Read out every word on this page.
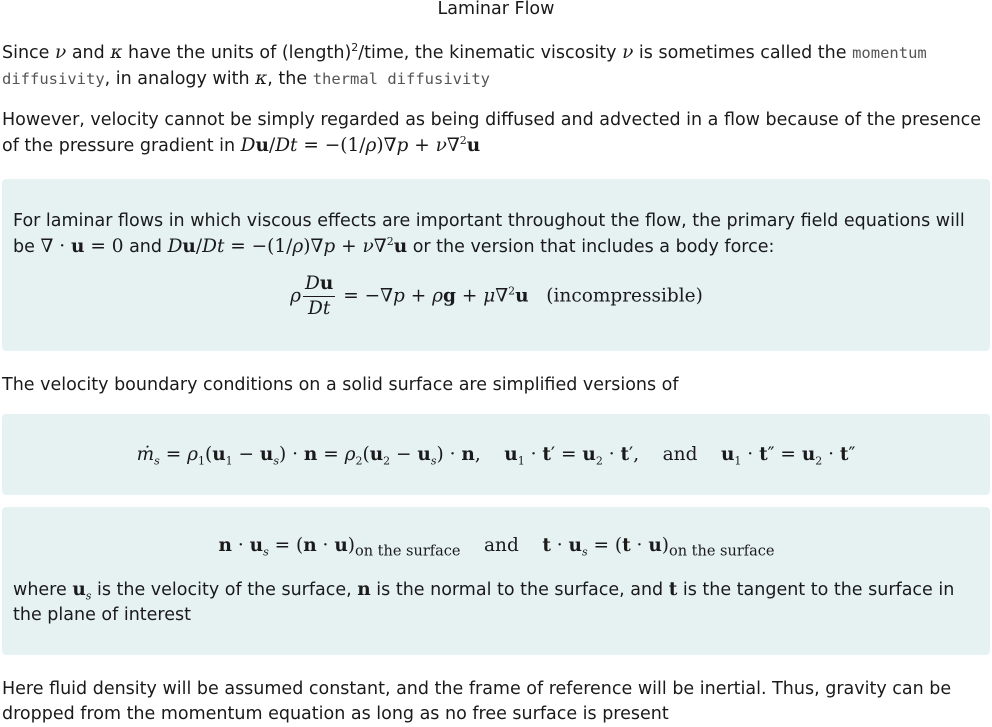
Laminar Flow

Since ν and κ have the units of (length)$^2$/time, the kinematic viscosity ν is sometimes called the momentum diffusivity, in analogy with κ, the thermal diffusivity

However, velocity cannot be simply regarded as being diffused and advected in a flow because of the presence of the pressure gradient in Du/Dt = −(1/ρ)∇p + ν∇$^2$u

For laminar flows in which viscous effects are important throughout the flow, the primary field equations will be ∇ · u = 0 and Du/Dt = −(1/ρ)∇p + ν∇$^2$u or the version that includes a body force:
ρ $\frac{Du}{Dt} = -\nabla p + \rho g + \mu\nabla^2u$ (incompressible)

The velocity boundary conditions on a solid surface are simplified versions of

ṁ$_s$ = $\rho_1(u_1 - u_s) \cdot n = \rho_2(u_2 - u_s) \cdot n$,    $u_1 \cdot t' = u_2 \cdot t'$,    and $u_1 \cdot t'' = u_2 \cdot t''$
$n \cdot u_s = (n \cdot u)_{on the surface}$ and $t \cdot u_s = (t \cdot u)_{on the surface}$
where $u_s$ is the velocity of the surface, n is the normal to the surface, and t is the tangent to the surface in the plane of interest

Here fluid density will be assumed constant, and the frame of reference will be inertial. Thus, gravity can be dropped from the momentum equation as long as no free surface is present
